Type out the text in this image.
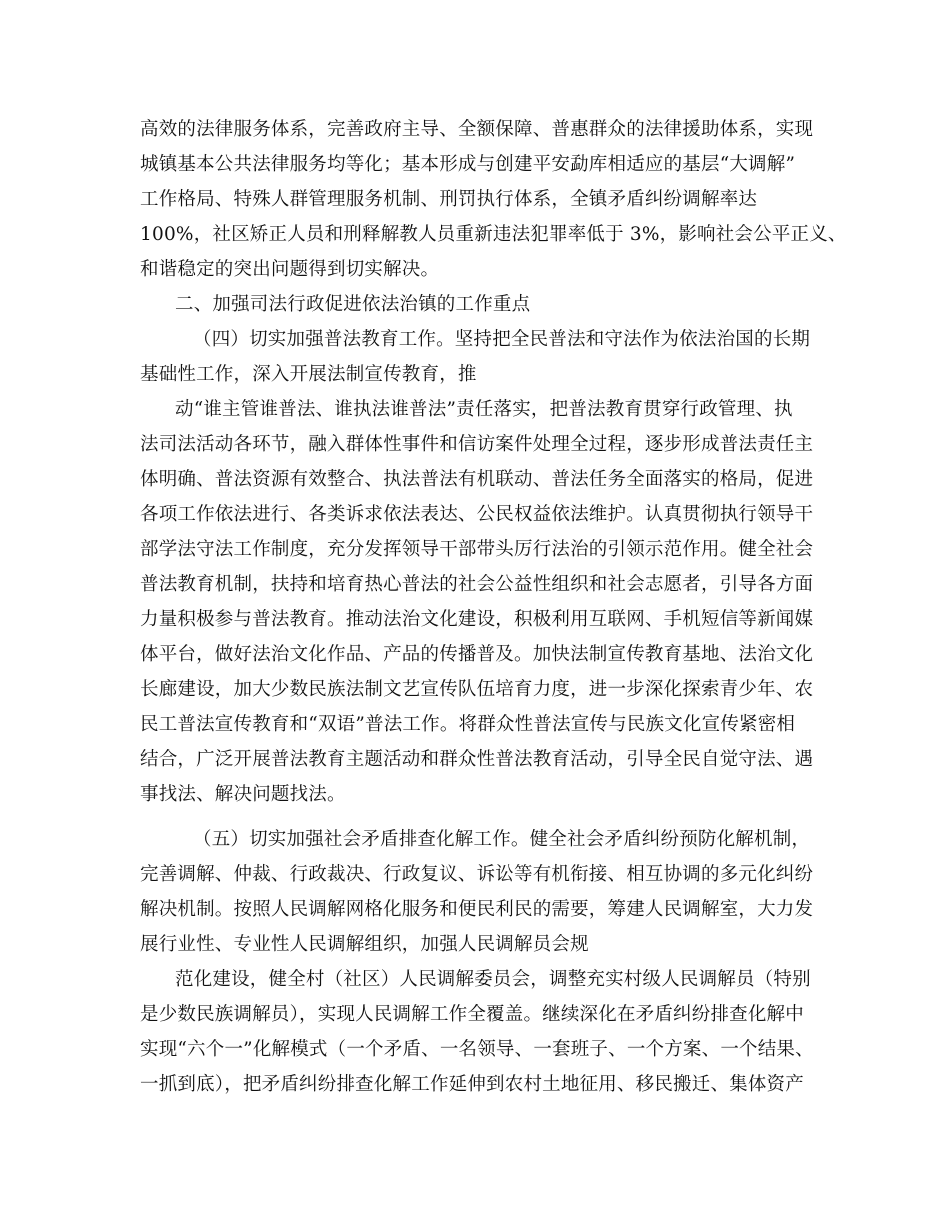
高效的法律服务体系，完善政府主导、全额保障、普惠群众的法律援助体系，实现
城镇基本公共法律服务均等化；基本形成与创建平安勐库相适应的基层“大调解”
工作格局、特殊人群管理服务机制、刑罚执行体系，全镇矛盾纠纷调解率达
100%，社区矫正人员和刑释解教人员重新违法犯罪率低于 3%，影响社会公平正义、
和谐稳定的突出问题得到切实解决。
二、加强司法行政促进依法治镇的工作重点
（四）切实加强普法教育工作。坚持把全民普法和守法作为依法治国的长期
基础性工作，深入开展法制宣传教育，推
动“谁主管谁普法、谁执法谁普法”责任落实，把普法教育贯穿行政管理、执
法司法活动各环节，融入群体性事件和信访案件处理全过程，逐步形成普法责任主
体明确、普法资源有效整合、执法普法有机联动、普法任务全面落实的格局，促进
各项工作依法进行、各类诉求依法表达、公民权益依法维护。认真贯彻执行领导干
部学法守法工作制度，充分发挥领导干部带头厉行法治的引领示范作用。健全社会
普法教育机制，扶持和培育热心普法的社会公益性组织和社会志愿者，引导各方面
力量积极参与普法教育。推动法治文化建设，积极利用互联网、手机短信等新闻媒
体平台，做好法治文化作品、产品的传播普及。加快法制宣传教育基地、法治文化
长廊建设，加大少数民族法制文艺宣传队伍培育力度，进一步深化探索青少年、农
民工普法宣传教育和“双语”普法工作。将群众性普法宣传与民族文化宣传紧密相
结合，广泛开展普法教育主题活动和群众性普法教育活动，引导全民自觉守法、遇
事找法、解决问题找法。
（五）切实加强社会矛盾排查化解工作。健全社会矛盾纠纷预防化解机制，
完善调解、仲裁、行政裁决、行政复议、诉讼等有机衔接、相互协调的多元化纠纷
解决机制。按照人民调解网格化服务和便民利民的需要，筹建人民调解室，大力发
展行业性、专业性人民调解组织，加强人民调解员会规
范化建设，健全村（社区）人民调解委员会，调整充实村级人民调解员（特别
是少数民族调解员），实现人民调解工作全覆盖。继续深化在矛盾纠纷排查化解中
实现“六个一”化解模式（一个矛盾、一名领导、一套班子、一个方案、一个结果、
一抓到底），把矛盾纠纷排查化解工作延伸到农村土地征用、移民搬迁、集体资产
